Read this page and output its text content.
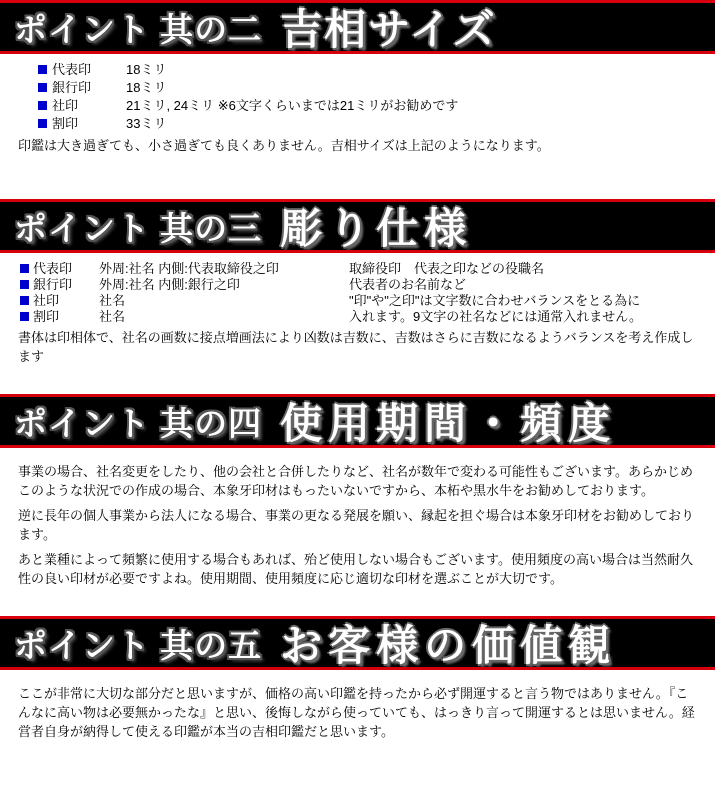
ポイント 其の二 吉相サイズ
代表印	18ミリ
銀行印	18ミリ
社印	21ミリ, 24ミリ ※6文字くらいまでは21ミリがお勧めです
割印	33ミリ
印鑑は大き過ぎても、小さ過ぎても良くありません。吉相サイズは上記のようになります。
ポイント 其の三 彫り仕様
代表印	外周:社名 内側:代表取締役之印	取締役印　代表之印などの役職名
銀行印	外周:社名 内側:銀行之印	代表者のお名前など
社印	社名	"印"や"之印"は文字数に合わせバランスをとる為に
割印	社名	入れます。9文字の社名などには通常入れません。
書体は印相体で、社名の画数に接点増画法により凶数は吉数に、吉数はさらに吉数になるようバランスを考え作成します
ポイント 其の四 使用期間・頻度
事業の場合、社名変更をしたり、他の会社と合併したりなど、社名が数年で変わる可能性もございます。あらかじめこのような状況での作成の場合、本象牙印材はもったいないですから、本柘や黒水牛をお勧めしております。
逆に長年の個人事業から法人になる場合、事業の更なる発展を願い、縁起を担ぐ場合は本象牙印材をお勧めしております。
あと業種によって頻繁に使用する場合もあれば、殆ど使用しない場合もございます。使用頻度の高い場合は当然耐久性の良い印材が必要ですよね。使用期間、使用頻度に応じ適切な印材を選ぶことが大切です。
ポイント 其の五 お客様の価値観
ここが非常に大切な部分だと思いますが、価格の高い印鑑を持ったから必ず開運すると言う物ではありません。『こんなに高い物は必要無かったな』と思い、後悔しながら使っていても、はっきり言って開運するとは思いません。経営者自身が納得して使える印鑑が本当の吉相印鑑だと思います。
